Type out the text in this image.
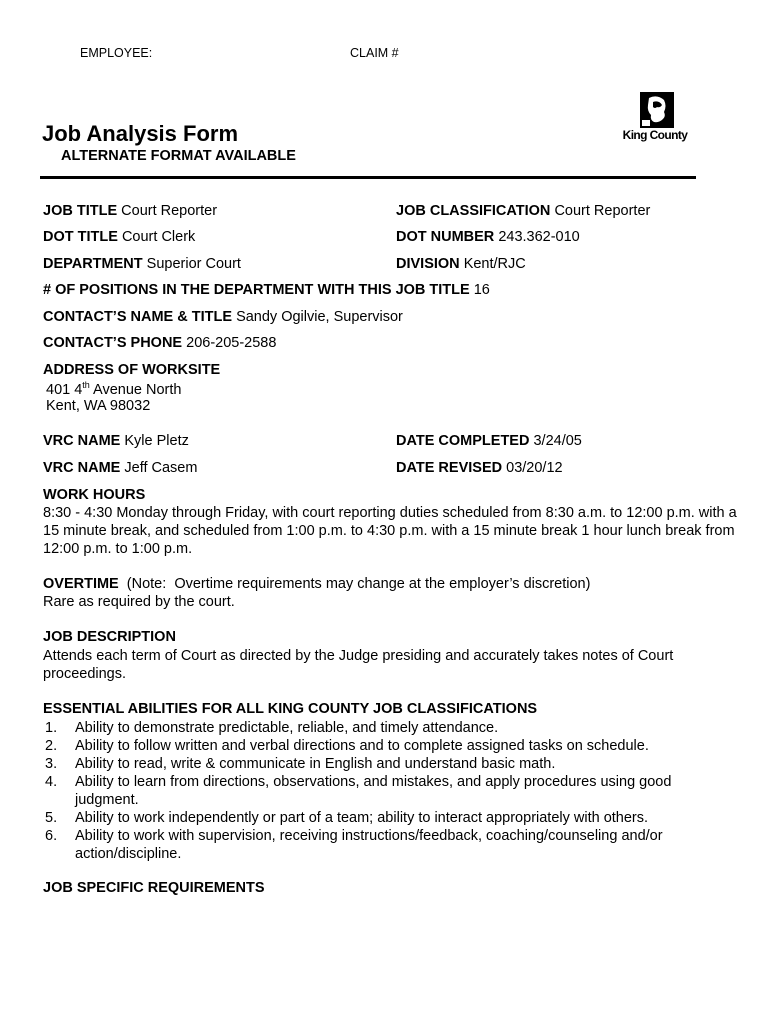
EMPLOYEE:	CLAIM #
Job Analysis Form
ALTERNATE FORMAT AVAILABLE
King County
JOB TITLE Court Reporter	JOB CLASSIFICATION Court Reporter
DOT TITLE Court Clerk	DOT NUMBER 243.362-010
DEPARTMENT Superior Court	DIVISION Kent/RJC
# OF POSITIONS IN THE DEPARTMENT WITH THIS JOB TITLE 16
CONTACT’S NAME & TITLE Sandy Ogilvie, Supervisor
CONTACT’S PHONE 206-205-2588
ADDRESS OF WORKSITE
401 4th Avenue North
Kent, WA 98032
VRC NAME Kyle Pletz	DATE COMPLETED 3/24/05
VRC NAME Jeff Casem	DATE REVISED 03/20/12
WORK HOURS
8:30 - 4:30 Monday through Friday, with court reporting duties scheduled from 8:30 a.m. to 12:00 p.m. with a 15 minute break, and scheduled from 1:00 p.m. to 4:30 p.m. with a 15 minute break 1 hour lunch break from 12:00 p.m. to 1:00 p.m.
OVERTIME  (Note:  Overtime requirements may change at the employer’s discretion)
Rare as required by the court.
JOB DESCRIPTION
Attends each term of Court as directed by the Judge presiding and accurately takes notes of Court proceedings.
ESSENTIAL ABILITIES FOR ALL KING COUNTY JOB CLASSIFICATIONS
1. Ability to demonstrate predictable, reliable, and timely attendance.
2. Ability to follow written and verbal directions and to complete assigned tasks on schedule.
3. Ability to read, write & communicate in English and understand basic math.
4. Ability to learn from directions, observations, and mistakes, and apply procedures using good judgment.
5. Ability to work independently or part of a team; ability to interact appropriately with others.
6. Ability to work with supervision, receiving instructions/feedback, coaching/counseling and/or action/discipline.
JOB SPECIFIC REQUIREMENTS
